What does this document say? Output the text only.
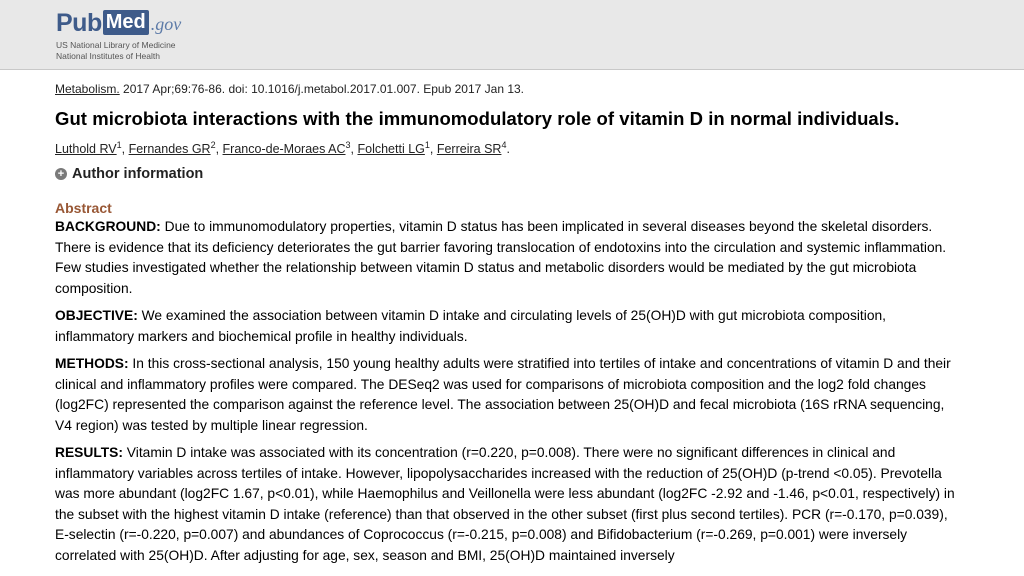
Pub Med .gov
US National Library of Medicine
National Institutes of Health
Metabolism. 2017 Apr;69:76-86. doi: 10.1016/j.metabol.2017.01.007. Epub 2017 Jan 13.
Gut microbiota interactions with the immunomodulatory role of vitamin D in normal individuals.
Luthold $RV^1$, Fernandes $GR^2$, Franco-de-Moraes $AC^3$, Folchetti $LG^1$, Ferreira $SR^4$.
+ Author information
Abstract

BACKGROUND: Due to immunomodulatory properties, vitamin D status has been implicated in several diseases beyond the skeletal disorders. There is evidence that its deficiency deteriorates the gut barrier favoring translocation of endotoxins into the circulation and systemic inflammation. Few studies investigated whether the relationship between vitamin D status and metabolic disorders would be mediated by the gut microbiota composition.

OBJECTIVE: We examined the association between vitamin D intake and circulating levels of 25(OH)D with gut microbiota composition, inflammatory markers and biochemical profile in healthy individuals.

METHODS: In this cross-sectional analysis, 150 young healthy adults were stratified into tertiles of intake and concentrations of vitamin D and their clinical and inflammatory profiles were compared. The DESeq2 was used for comparisons of microbiota composition and the log2 fold changes (log2FC) represented the comparison against the reference level. The association between 25(OH)D and fecal microbiota (16S rRNA sequencing, V4 region) was tested by multiple linear regression.

RESULTS: Vitamin D intake was associated with its concentration (r=0.220, p=0.008). There were no significant differences in clinical and inflammatory variables across tertiles of intake. However, lipopolysaccharides increased with the reduction of 25(OH)D (p-trend <0.05). Prevotella was more abundant (log2FC 1.67, p<0.01), while Haemophilus and Veillonella were less abundant (log2FC -2.92 and -1.46, p<0.01, respectively) in the subset with the highest vitamin D intake (reference) than that observed in the other subset (first plus second tertiles). PCR (r=-0.170, p=0.039), E-selectin (r=-0.220, p=0.007) and abundances of Coprococcus (r=-0.215, p=0.008) and Bifidobacterium (r=-0.269, p=0.001) were inversely correlated with 25(OH)D. After adjusting for age, sex, season and BMI, 25(OH)D maintained inversely
